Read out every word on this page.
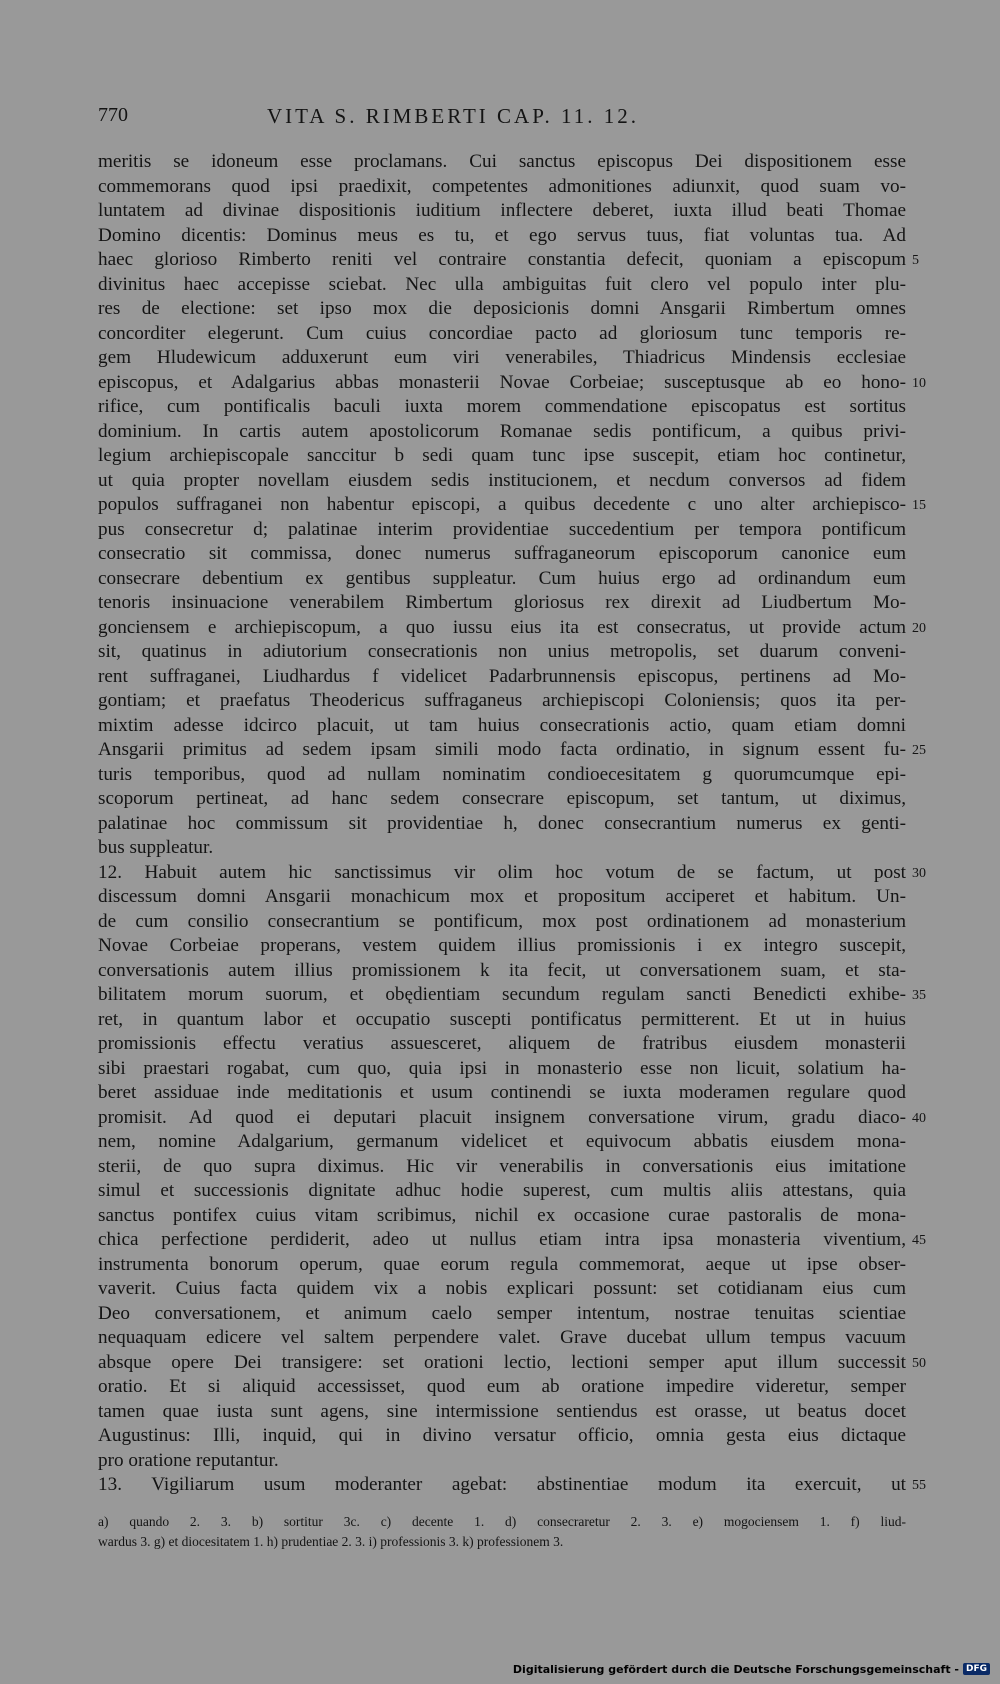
770	VITA S. RIMBERTI CAP. 11. 12.
meritis se idoneum esse proclamans. Cui sanctus episcopus Dei dispositionem esse
commemorans quod ipsi praedixit, competentes admonitiones adiunxit, quod suam vo-
luntatem ad divinae dispositionis iuditium inflectere deberet, iuxta illud beati Thomae
Domino dicentis: Dominus meus es tu, et ego servus tuus, fiat voluntas tua. Ad
haec glorioso Rimberto reniti vel contraire constantia defecit, quoniam a episcopum 5
divinitus haec accepisse sciebat. Nec ulla ambiguitas fuit clero vel populo inter plu-
res de electione: set ipso mox die deposicionis domni Ansgarii Rimbertum omnes
concorditer elegerunt. Cum cuius concordiae pacto ad gloriosum tunc temporis re-
gem Hludewicum adduxerunt eum viri venerabiles, Thiadricus Mindensis ecclesiae
episcopus, et Adalgarius abbas monasterii Novae Corbeiae; susceptusque ab eo hono- 10
rifice, cum pontificalis baculi iuxta morem commendatione episcopatus est sortitus
dominium. In cartis autem apostolicorum Romanae sedis pontificum, a quibus privi-
legium archiepiscopale sanccitur b sedi quam tunc ipse suscepit, etiam hoc continetur,
ut quia propter novellam eiusdem sedis institucionem, et necdum conversos ad fidem
populos suffraganei non habentur episcopi, a quibus decedente c uno alter archiepisco- 15
pus consecretur d; palatinae interim providentiae succedentium per tempora pontificum
consecratio sit commissa, donec numerus suffraganeorum episcoporum canonice eum
consecrare debentium ex gentibus suppleatur. Cum huius ergo ad ordinandum eum
tenoris insinuacione venerabilem Rimbertum gloriosus rex direxit ad Liudbertum Mo-
gonciensem e archiepiscopum, a quo iussu eius ita est consecratus, ut provide actum 20
sit, quatinus in adiutorium consecrationis non unius metropolis, set duarum conveni-
rent suffraganei, Liudhardus f videlicet Padarbrunnensis episcopus, pertinens ad Mo-
gontiam; et praefatus Theodericus suffraganeus archiepiscopi Coloniensis; quos ita per-
mixtim adesse idcirco placuit, ut tam huius consecrationis actio, quam etiam domni
Ansgarii primitus ad sedem ipsam simili modo facta ordinatio, in signum essent fu- 25
turis temporibus, quod ad nullam nominatim condioecesitatem g quorumcumque epi-
scoporum pertineat, ad hanc sedem consecrare episcopum, set tantum, ut diximus,
palatinae hoc commissum sit providentiae h, donec consecrantium numerus ex genti-
bus suppleatur.
12. Habuit autem hic sanctissimus vir olim hoc votum de se factum, ut post 30
discessum domni Ansgarii monachicum mox et propositum acciperet et habitum. Un-
de cum consilio consecrantium se pontificum, mox post ordinationem ad monasterium
Novae Corbeiae properans, vestem quidem illius promissionis i ex integro suscepit,
conversationis autem illius promissionem k ita fecit, ut conversationem suam, et sta-
bilitatem morum suorum, et obędientiam secundum regulam sancti Benedicti exhibe- 35
ret, in quantum labor et occupatio suscepti pontificatus permitterent. Et ut in huius
promissionis effectu veratius assuesceret, aliquem de fratribus eiusdem monasterii
sibi praestari rogabat, cum quo, quia ipsi in monasterio esse non licuit, solatium ha-
beret assiduae inde meditationis et usum continendi se iuxta moderamen regulare quod
promisit. Ad quod ei deputari placuit insignem conversatione virum, gradu diaco- 40
nem, nomine Adalgarium, germanum videlicet et equivocum abbatis eiusdem mona-
sterii, de quo supra diximus. Hic vir venerabilis in conversationis eius imitatione
simul et successionis dignitate adhuc hodie superest, cum multis aliis attestans, quia
sanctus pontifex cuius vitam scribimus, nichil ex occasione curae pastoralis de mona-
chica perfectione perdiderit, adeo ut nullus etiam intra ipsa monasteria viventium, 45
instrumenta bonorum operum, quae eorum regula commemorat, aeque ut ipse obser-
vaverit. Cuius facta quidem vix a nobis explicari possunt: set cotidianam eius cum
Deo conversationem, et animum caelo semper intentum, nostrae tenuitas scientiae
nequaquam edicere vel saltem perpendere valet. Grave ducebat ullum tempus vacuum
absque opere Dei transigere: set orationi lectio, lectioni semper aput illum successit 50
oratio. Et si aliquid accessisset, quod eum ab oratione impedire videretur, semper
tamen quae iusta sunt agens, sine intermissione sentiendus est orasse, ut beatus docet
Augustinus: Illi, inquid, qui in divino versatur officio, omnia gesta eius dictaque
pro oratione reputantur.
13. Vigiliarum usum moderanter agebat: abstinentiae modum ita exercuit, ut 55
a) quando 2. 3. b) sortitur 3c. c) decente 1. d) consecraretur 2. 3. e) mogociensem 1. f) liud-
wardus 3. g) et diocesitatem 1. h) prudentiae 2. 3. i) professionis 3. k) professionem 3.
Digitalisierung gefördert durch die Deutsche Forschungsgemeinschaft - DFG
